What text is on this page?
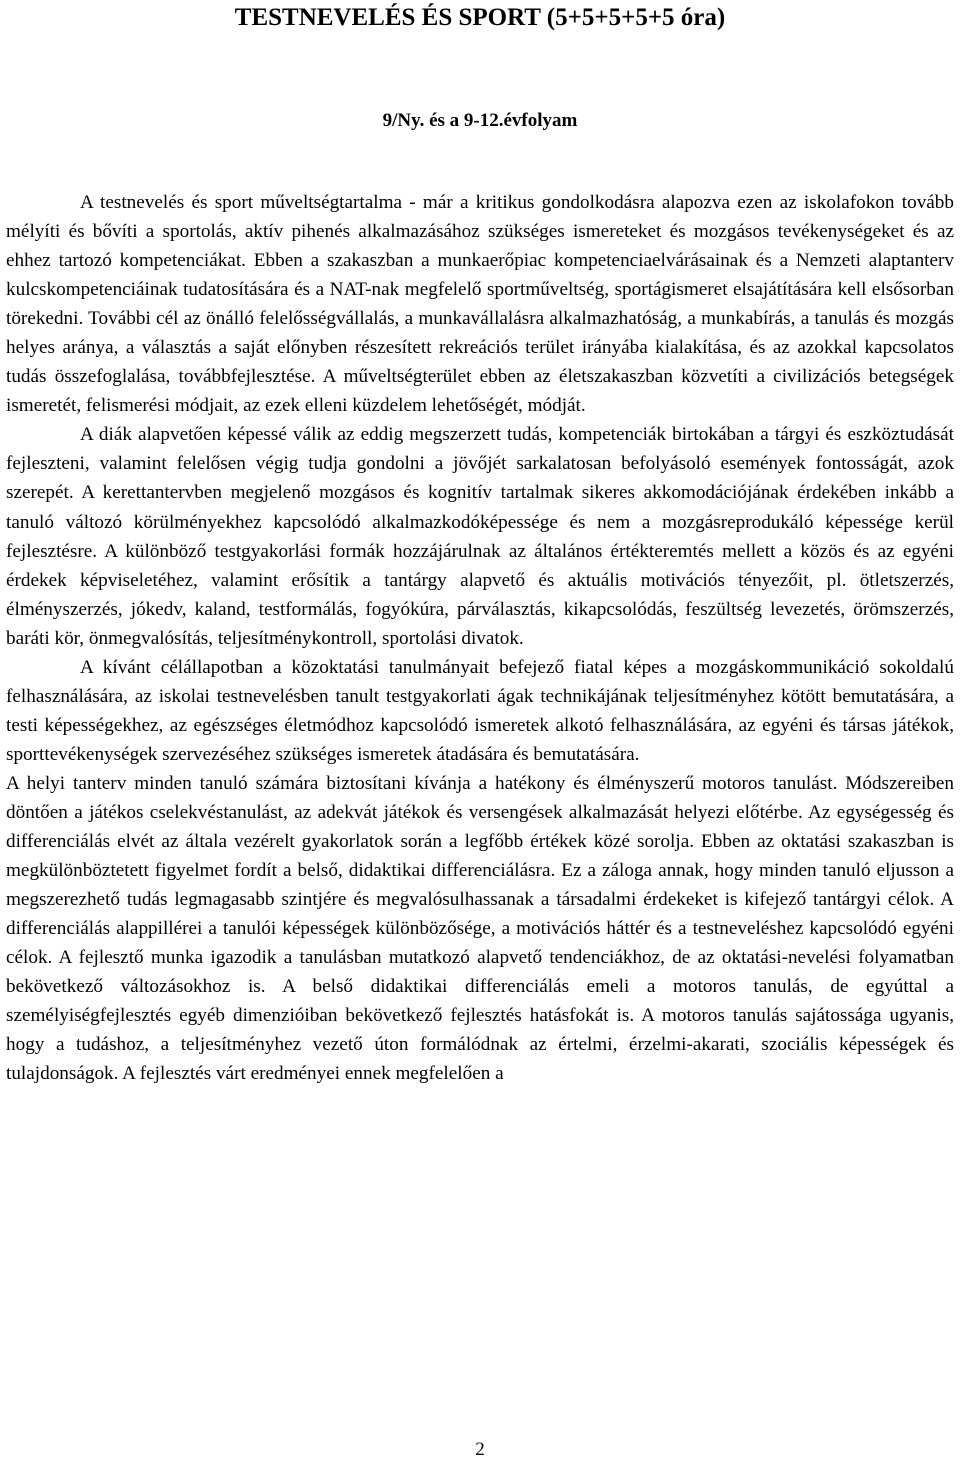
TESTNEVELÉS ÉS SPORT (5+5+5+5+5 óra)
9/Ny. és a 9-12.évfolyam

A testnevelés és sport műveltségtartalma - már a kritikus gondolkodásra alapozva ezen az iskolafokon tovább mélyíti és bővíti a sportolás, aktív pihenés alkalmazásához szükséges ismereteket és mozgásos tevékenységeket és az ehhez tartozó kompetenciákat. Ebben a szakaszban a munkaerőpiac kompetenciaelvárásainak és a Nemzeti alaptanterv kulcskompetenciáinak tudatosítására és a NAT-nak megfelelő sportműveltség, sportágismeret elsajátítására kell elsősorban törekedni. További cél az önálló felelősségvállalás, a munkavállalásra alkalmazhatóság, a munkabírás, a tanulás és mozgás helyes aránya, a választás a saját előnyben részesített rekreációs terület irányába kialakítása, és az azokkal kapcsolatos tudás összefoglalása, továbbfejlesztése. A műveltségterület ebben az életszakaszban közvetíti a civilizációs betegségek ismeretét, felismerési módjait, az ezek elleni küzdelem lehetőségét, módját.

A diák alapvetően képessé válik az eddig megszerzett tudás, kompetenciák birtokában a tárgyi és eszköztudását fejleszteni, valamint felelősen végig tudja gondolni a jövőjét sarkalatosan befolyásoló események fontosságát, azok szerepét. A kerettantervben megjelenő mozgásos és kognitív tartalmak sikeres akkomodációjának érdekében inkább a tanuló változó körülményekhez kapcsolódó alkalmazkodóképessége és nem a mozgásreprodukáló képessége kerül fejlesztésre. A különböző testgyakorlási formák hozzájárulnak az általános értékteremtés mellett a közös és az egyéni érdekek képviseletéhez, valamint erősítik a tantárgy alapvető és aktuális motivációs tényezőit, pl. ötletszerzés, élményszerzés, jókedv, kaland, testformálás, fogyókúra, párválasztás, kikapcsolódás, feszültség levezetés, örömszerzés, baráti kör, önmegvalósítás, teljesítménykontroll, sportolási divatok.

A kívánt célállapotban a közoktatási tanulmányait befejező fiatal képes a mozgáskommunikáció sokoldalú felhasználására, az iskolai testnevelésben tanult testgyakorlati ágak technikájának teljesítményhez kötött bemutatására, a testi képességekhez, az egészséges életmódhoz kapcsolódó ismeretek alkotó felhasználására, az egyéni és társas játékok, sporttevékenységek szervezéséhez szükséges ismeretek átadására és bemutatására.

A helyi tanterv minden tanuló számára biztosítani kívánja a hatékony és élményszerű motoros tanulást. Módszereiben döntően a játékos cselekvéstanulást, az adekvát játékok és versengések alkalmazását helyezi előtérbe. Az egységesség és differenciálás elvét az általa vezérelt gyakorlatok során a legfőbb értékek közé sorolja. Ebben az oktatási szakaszban is megkülönböztetett figyelmet fordít a belső, didaktikai differenciálásra. Ez a záloga annak, hogy minden tanuló eljusson a megszerezhető tudás legmagasabb szintjére és megvalósulhassanak a társadalmi érdekeket is kifejező tantárgyi célok. A differenciálás alappillérei a tanulói képességek különbözősége, a motivációs háttér és a testneveléshez kapcsolódó egyéni célok. A fejlesztő munka igazodik a tanulásban mutatkozó alapvető tendenciákhoz, de az oktatási-nevelési folyamatban bekövetkező változásokhoz is. A belső didaktikai differenciálás emeli a motoros tanulás, de egyúttal a személyiségfejlesztés egyéb dimenzióiban bekövetkező fejlesztés hatásfokát is. A motoros tanulás sajátossága ugyanis, hogy a tudáshoz, a teljesítményhez vezető úton formálódnak az értelmi, érzelmi-akarati, szociális képességek és tulajdonságok. A fejlesztés várt eredményei ennek megfelelően a

2
